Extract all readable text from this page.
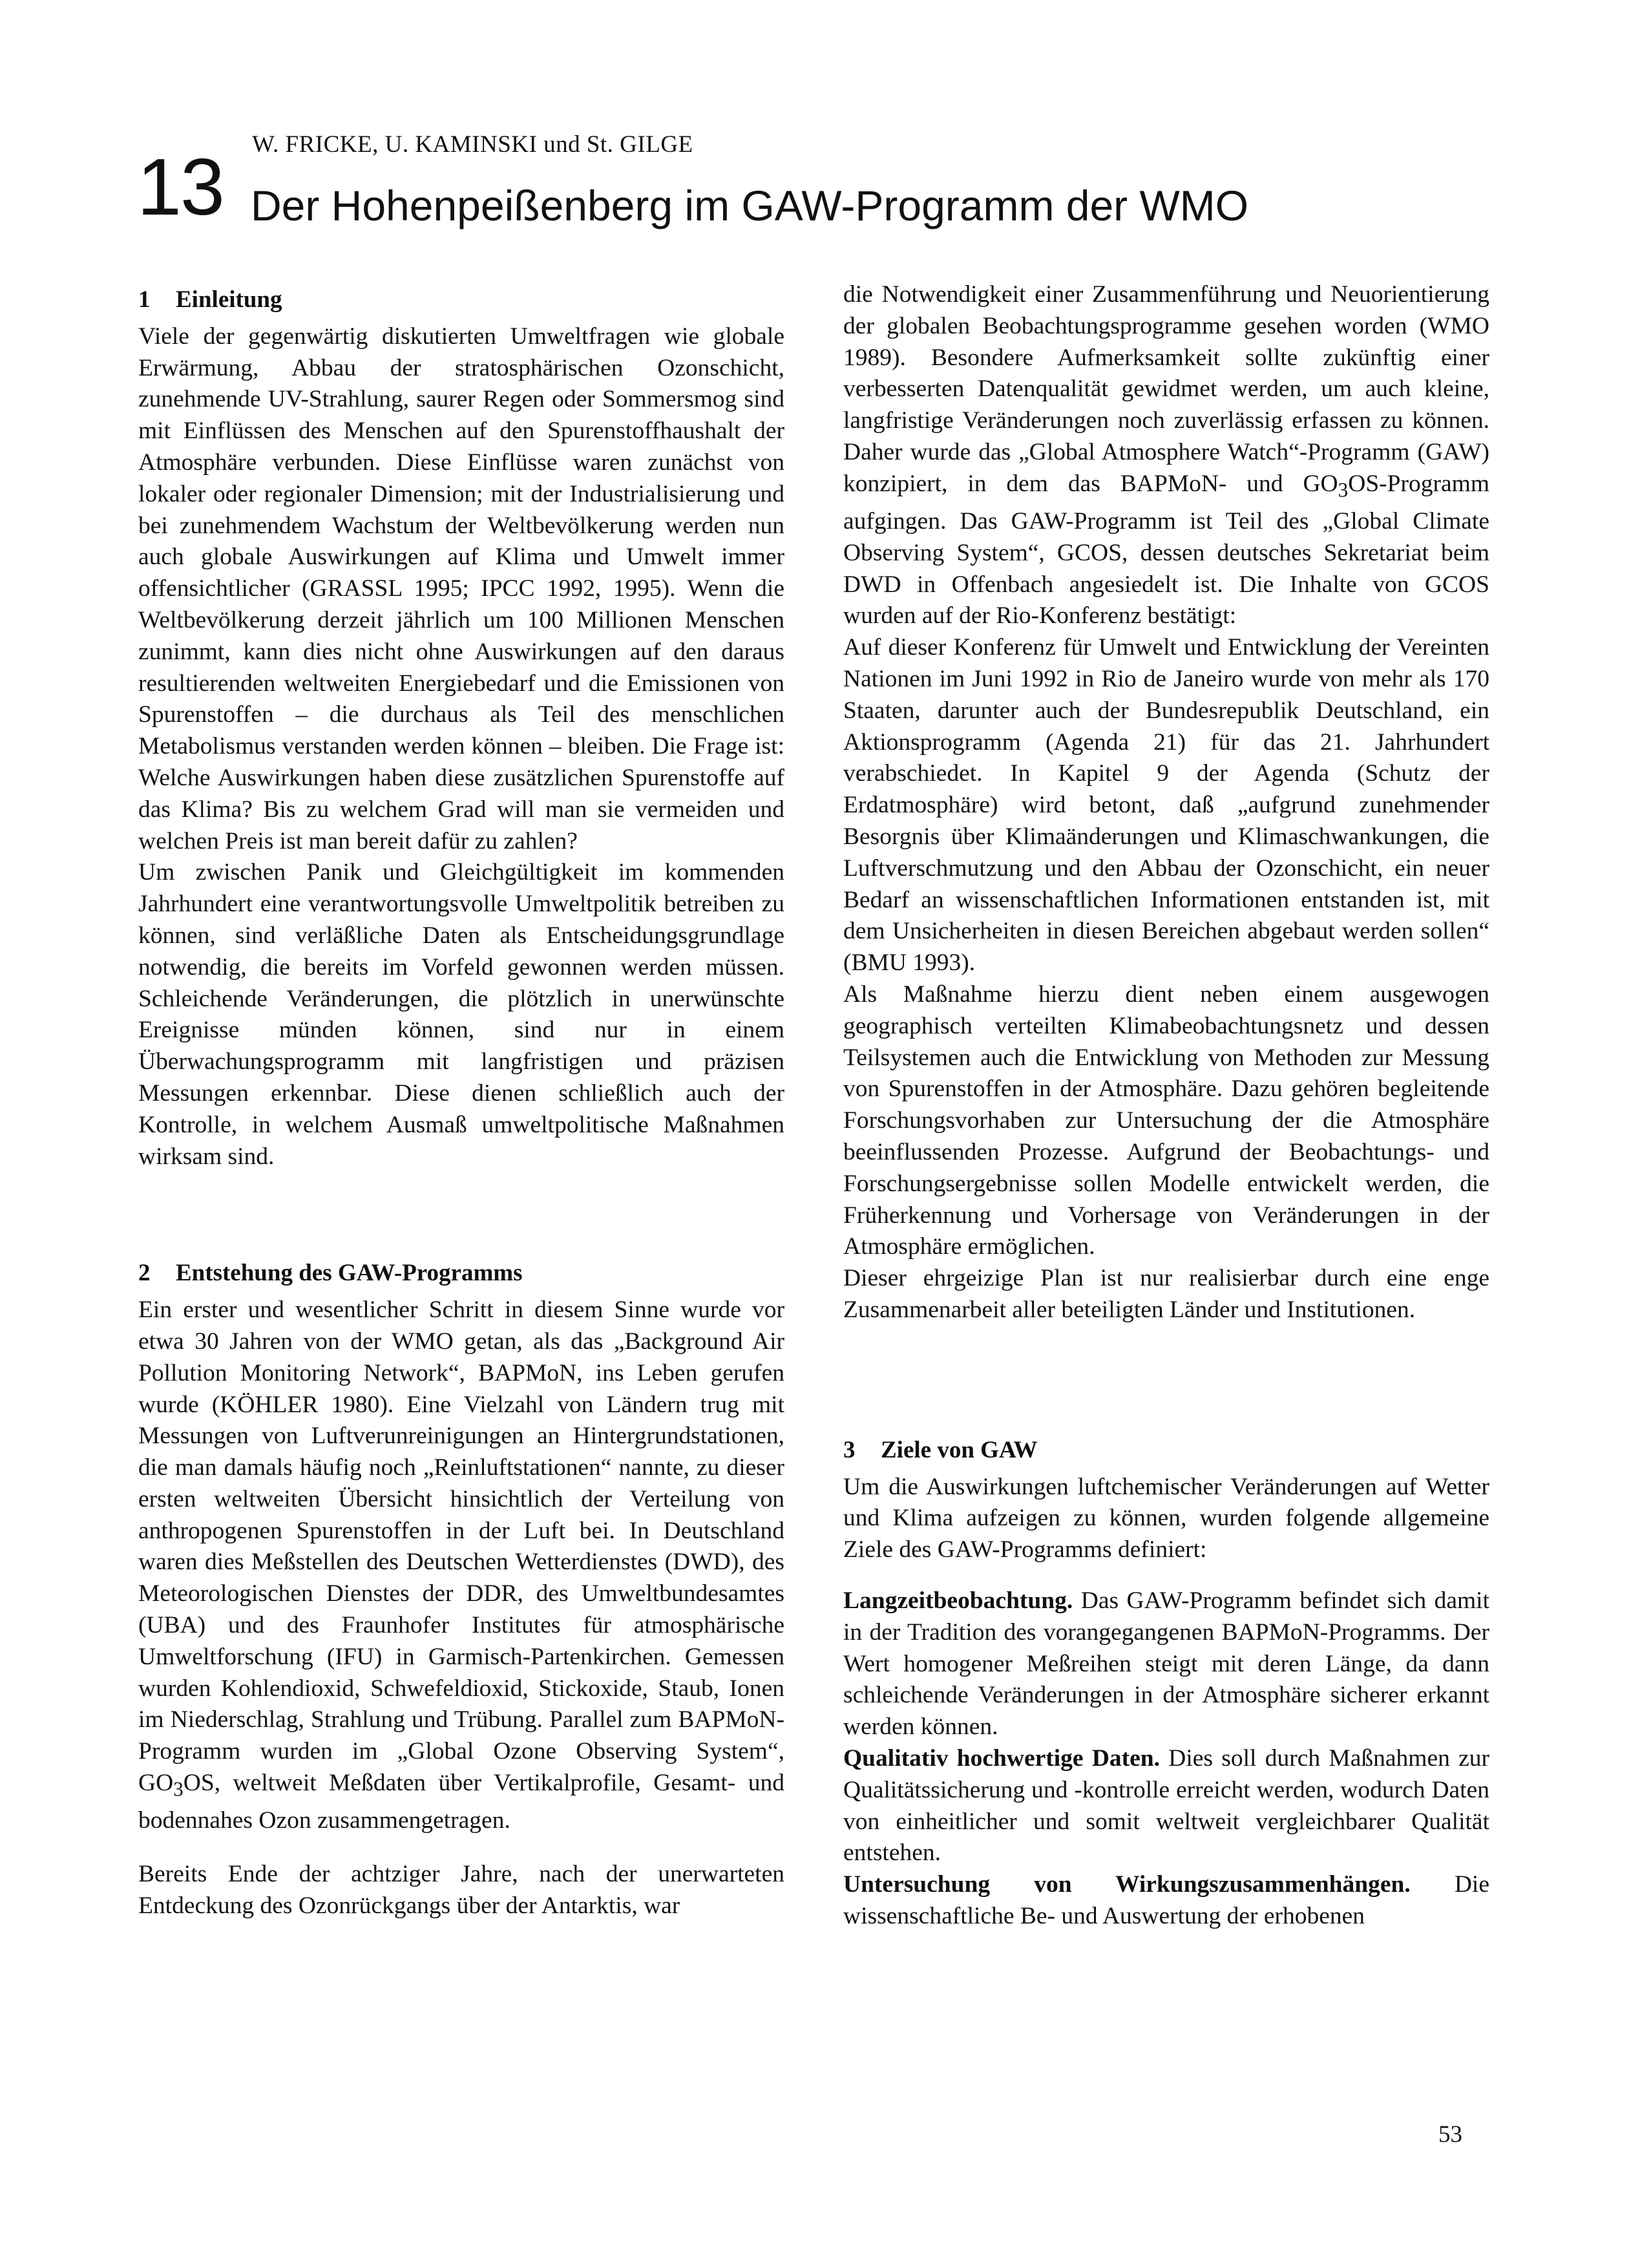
13 W. FRICKE, U. KAMINSKI und St. GILGE
Der Hohenpeißenberg im GAW-Programm der WMO
1 Einleitung

Viele der gegenwärtig diskutierten Umweltfragen wie globale Erwärmung, Abbau der stratosphärischen Ozonschicht, zunehmende UV-Strahlung, saurer Regen oder Sommersmog sind mit Einflüssen des Menschen auf den Spurenstoffhaushalt der Atmosphäre verbunden. Diese Einflüsse waren zunächst von lokaler oder regionaler Dimension; mit der Industrialisierung und bei zunehmendem Wachstum der Weltbevölkerung werden nun auch globale Auswirkungen auf Klima und Umwelt immer offensichtlicher (GRASSL 1995; IPCC 1992, 1995). Wenn die Weltbevölkerung derzeit jährlich um 100 Millionen Menschen zunimmt, kann dies nicht ohne Auswirkungen auf den daraus resultierenden weltweiten Energiebedarf und die Emissionen von Spurenstoffen – die durchaus als Teil des menschlichen Metabolismus verstanden werden können – bleiben. Die Frage ist: Welche Auswirkungen haben diese zusätzlichen Spurenstoffe auf das Klima? Bis zu welchem Grad will man sie vermeiden und welchen Preis ist man bereit dafür zu zahlen?

Um zwischen Panik und Gleichgültigkeit im kommenden Jahrhundert eine verantwortungsvolle Umweltpolitik betreiben zu können, sind verläßliche Daten als Entscheidungsgrundlage notwendig, die bereits im Vorfeld gewonnen werden müssen. Schleichende Veränderungen, die plötzlich in unerwünschte Ereignisse münden können, sind nur in einem Überwachungsprogramm mit langfristigen und präzisen Messungen erkennbar. Diese dienen schließlich auch der Kontrolle, in welchem Ausmaß umweltpolitische Maßnahmen wirksam sind.

2 Entstehung des GAW-Programms

Ein erster und wesentlicher Schritt in diesem Sinne wurde vor etwa 30 Jahren von der WMO getan, als das „Background Air Pollution Monitoring Network“, BAPMoN, ins Leben gerufen wurde (KÖHLER 1980). Eine Vielzahl von Ländern trug mit Messungen von Luftverunreinigungen an Hintergrundstationen, die man damals häufig noch „Reinluftstationen“ nannte, zu dieser ersten weltweiten Übersicht hinsichtlich der Verteilung von anthropogenen Spurenstoffen in der Luft bei. In Deutschland waren dies Meßstellen des Deutschen Wetterdienstes (DWD), des Meteorologischen Dienstes der DDR, des Umweltbundesamtes (UBA) und des Fraunhofer Institutes für atmosphärische Umweltforschung (IFU) in Garmisch-Partenkirchen. Gemessen wurden Kohlendioxid, Schwefeldioxid, Stickoxide, Staub, Ionen im Niederschlag, Strahlung und Trübung. Parallel zum BAPMoN-Programm wurden im „Global Ozone Observing System“, $GO_3OS$, weltweit Meßdaten über Vertikalprofile, Gesamt- und bodennahes Ozon zusammengetragen.

Bereits Ende der achtziger Jahre, nach der unerwarteten Entdeckung des Ozonrückgangs über der Antarktis, war

die Notwendigkeit einer Zusammenführung und Neuorientierung der globalen Beobachtungsprogramme gesehen worden (WMO 1989). Besondere Aufmerksamkeit sollte zukünftig einer verbesserten Datenqualität gewidmet werden, um auch kleine, langfristige Veränderungen noch zuverlässig erfassen zu können. Daher wurde das „Global Atmosphere Watch“-Programm (GAW) konzipiert, in dem das BAPMoN- und $GO_3OS$-Programm aufgingen. Das GAW-Programm ist Teil des „Global Climate Observing System“, GCOS, dessen deutsches Sekretariat beim DWD in Offenbach angesiedelt ist. Die Inhalte von GCOS wurden auf der Rio-Konferenz bestätigt:

Auf dieser Konferenz für Umwelt und Entwicklung der Vereinten Nationen im Juni 1992 in Rio de Janeiro wurde von mehr als 170 Staaten, darunter auch der Bundesrepublik Deutschland, ein Aktionsprogramm (Agenda 21) für das 21. Jahrhundert verabschiedet. In Kapitel 9 der Agenda (Schutz der Erdatmosphäre) wird betont, daß „aufgrund zunehmender Besorgnis über Klimaänderungen und Klimaschwankungen, die Luftverschmutzung und den Abbau der Ozonschicht, ein neuer Bedarf an wissenschaftlichen Informationen entstanden ist, mit dem Unsicherheiten in diesen Bereichen abgebaut werden sollen“ (BMU 1993).

Als Maßnahme hierzu dient neben einem ausgewogen geographisch verteilten Klimabeobachtungsnetz und dessen Teilsystemen auch die Entwicklung von Methoden zur Messung von Spurenstoffen in der Atmosphäre. Dazu gehören begleitende Forschungsvorhaben zur Untersuchung der die Atmosphäre beeinflussenden Prozesse. Aufgrund der Beobachtungs- und Forschungsergebnisse sollen Modelle entwickelt werden, die Früherkennung und Vorhersage von Veränderungen in der Atmosphäre ermöglichen.

Dieser ehrgeizige Plan ist nur realisierbar durch eine enge Zusammenarbeit aller beteiligten Länder und Institutionen.

3 Ziele von GAW

Um die Auswirkungen luftchemischer Veränderungen auf Wetter und Klima aufzeigen zu können, wurden folgende allgemeine Ziele des GAW-Programms definiert:

Langzeitbeobachtung. Das GAW-Programm befindet sich damit in der Tradition des vorangegangenen BAPMoN-Programms. Der Wert homogener Meßreihen steigt mit deren Länge, da dann schleichende Veränderungen in der Atmosphäre sicherer erkannt werden können.

Qualitativ hochwertige Daten. Dies soll durch Maßnahmen zur Qualitätssicherung und -kontrolle erreicht werden, wodurch Daten von einheitlicher und somit weltweit vergleichbarer Qualität entstehen.

Untersuchung von Wirkungszusammenhängen. Die wissenschaftliche Be- und Auswertung der erhobenen

53
